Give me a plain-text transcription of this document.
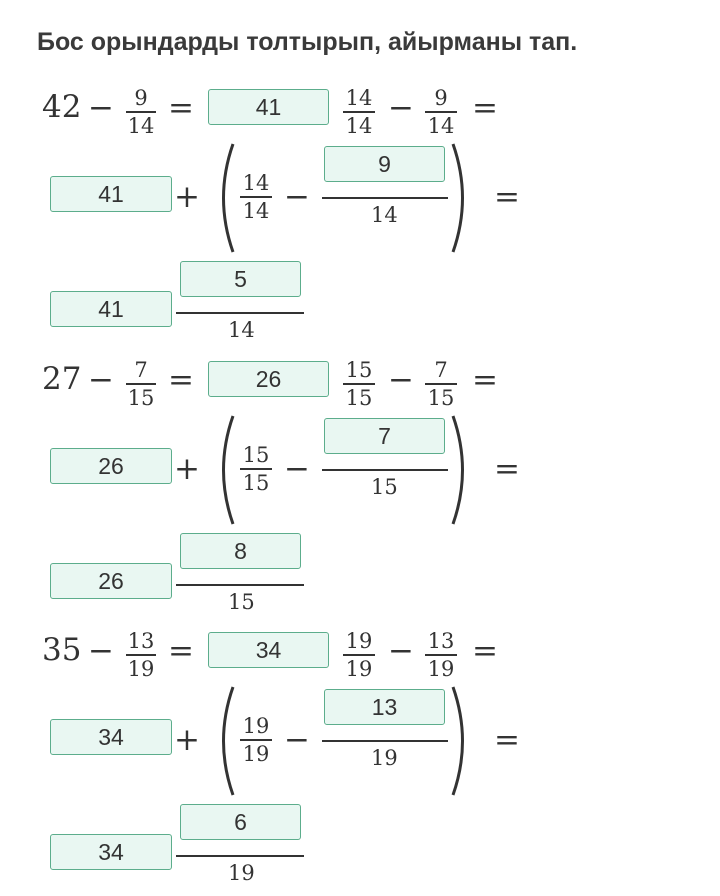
Бос орындарды толтырып, айырманы тап.
42 − 9
14 =	41	14
14 − 9
14 =
41	+ 14
14 −
9
14	=
41
5
14
27 − 7
15 =	26	15
15 − 7
15 =
26	+ 15
15 −
7
15	=
26
8
15
35 − 13
19 =	34	19
19 − 13
19 =
34	+ 19
19 −
13
19	=
34
6
19
